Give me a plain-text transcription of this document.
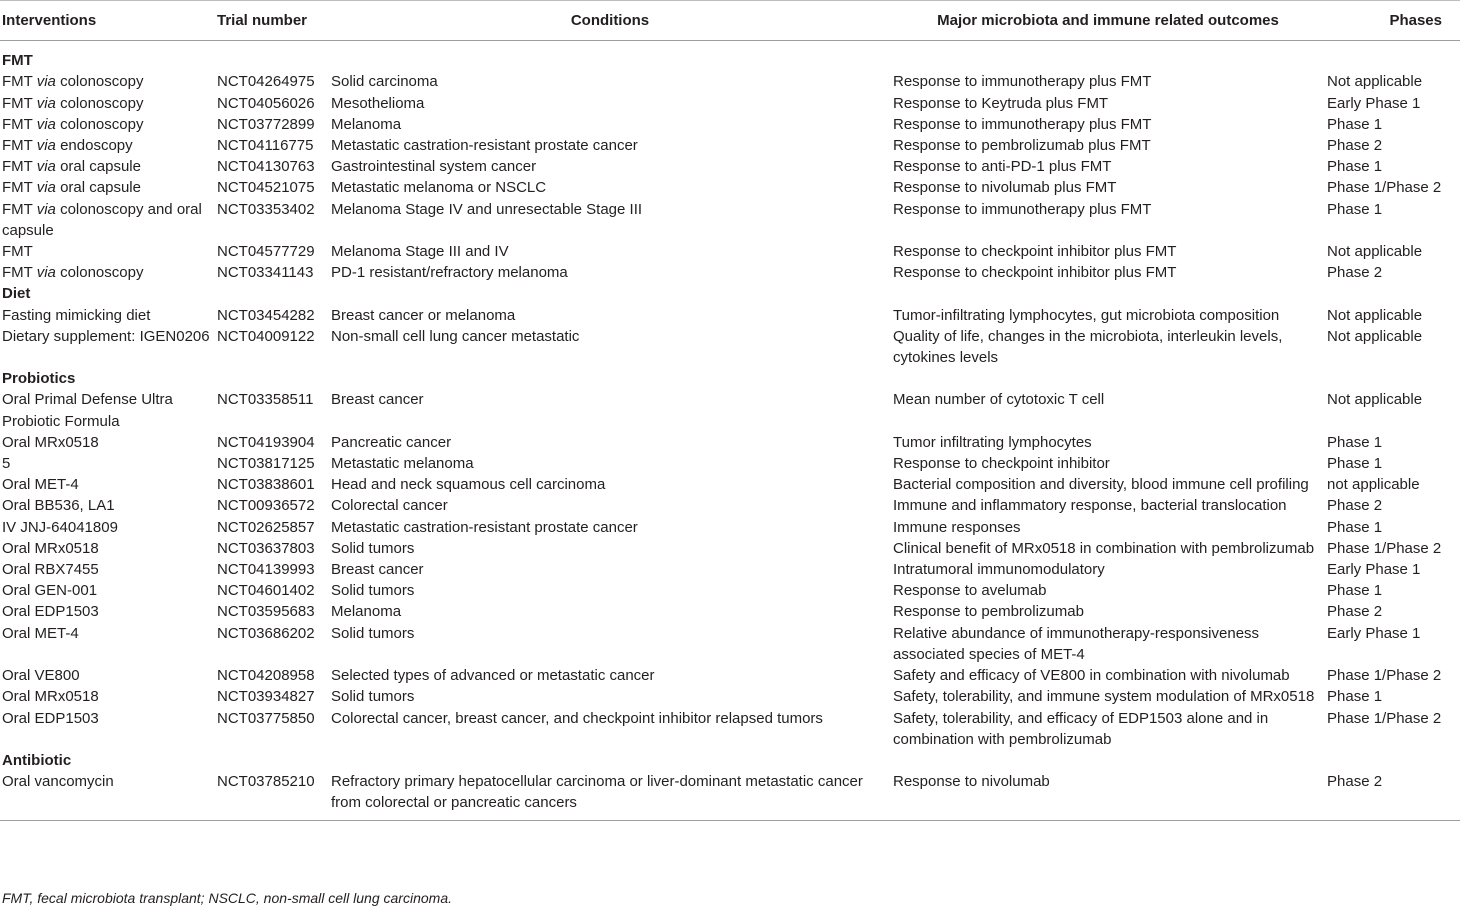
Interventions	Trial number	Conditions	Major microbiota and immune related outcomes	Phases
FMT				
FMT via colonoscopy	NCT04264975	Solid carcinoma	Response to immunotherapy plus FMT	Not applicable
FMT via colonoscopy	NCT04056026	Mesothelioma	Response to Keytruda plus FMT	Early Phase 1
FMT via colonoscopy	NCT03772899	Melanoma	Response to immunotherapy plus FMT	Phase 1
FMT via endoscopy	NCT04116775	Metastatic castration-resistant prostate cancer	Response to pembrolizumab plus FMT	Phase 2
FMT via oral capsule	NCT04130763	Gastrointestinal system cancer	Response to anti-PD-1 plus FMT	Phase 1
FMT via oral capsule	NCT04521075	Metastatic melanoma or NSCLC	Response to nivolumab plus FMT	Phase 1/Phase 2
FMT via colonoscopy and oral capsule	NCT03353402	Melanoma Stage IV and unresectable Stage III	Response to immunotherapy plus FMT	Phase 1
FMT	NCT04577729	Melanoma Stage III and IV	Response to checkpoint inhibitor plus FMT	Not applicable
FMT via colonoscopy	NCT03341143	PD-1 resistant/refractory melanoma	Response to checkpoint inhibitor plus FMT	Phase 2
Diet				
Fasting mimicking diet	NCT03454282	Breast cancer or melanoma	Tumor-infiltrating lymphocytes, gut microbiota composition	Not applicable
Dietary supplement: IGEN0206	NCT04009122	Non-small cell lung cancer metastatic	Quality of life, changes in the microbiota, interleukin levels, cytokines levels	Not applicable
Probiotics				
Oral Primal Defense Ultra Probiotic Formula	NCT03358511	Breast cancer	Mean number of cytotoxic T cell	Not applicable
Oral MRx0518	NCT04193904	Pancreatic cancer	Tumor infiltrating lymphocytes	Phase 1
5	NCT03817125	Metastatic melanoma	Response to checkpoint inhibitor	Phase 1
Oral MET-4	NCT03838601	Head and neck squamous cell carcinoma	Bacterial composition and diversity, blood immune cell profiling	not applicable
Oral BB536, LA1	NCT00936572	Colorectal cancer	Immune and inflammatory response, bacterial translocation	Phase 2
IV JNJ-64041809	NCT02625857	Metastatic castration-resistant prostate cancer	Immune responses	Phase 1
Oral MRx0518	NCT03637803	Solid tumors	Clinical benefit of MRx0518 in combination with pembrolizumab	Phase 1/Phase 2
Oral RBX7455	NCT04139993	Breast cancer	Intratumoral immunomodulatory	Early Phase 1
Oral GEN-001	NCT04601402	Solid tumors	Response to avelumab	Phase 1
Oral EDP1503	NCT03595683	Melanoma	Response to pembrolizumab	Phase 2
Oral MET-4	NCT03686202	Solid tumors	Relative abundance of immunotherapy-responsiveness associated species of MET-4	Early Phase 1
Oral VE800	NCT04208958	Selected types of advanced or metastatic cancer	Safety and efficacy of VE800 in combination with nivolumab	Phase 1/Phase 2
Oral MRx0518	NCT03934827	Solid tumors	Safety, tolerability, and immune system modulation of MRx0518	Phase 1
Oral EDP1503	NCT03775850	Colorectal cancer, breast cancer, and checkpoint inhibitor relapsed tumors	Safety, tolerability, and efficacy of EDP1503 alone and in combination with pembrolizumab	Phase 1/Phase 2
Antibiotic				
Oral vancomycin	NCT03785210	Refractory primary hepatocellular carcinoma or liver-dominant metastatic cancer from colorectal or pancreatic cancers	Response to nivolumab	Phase 2
FMT, fecal microbiota transplant; NSCLC, non-small cell lung carcinoma.
